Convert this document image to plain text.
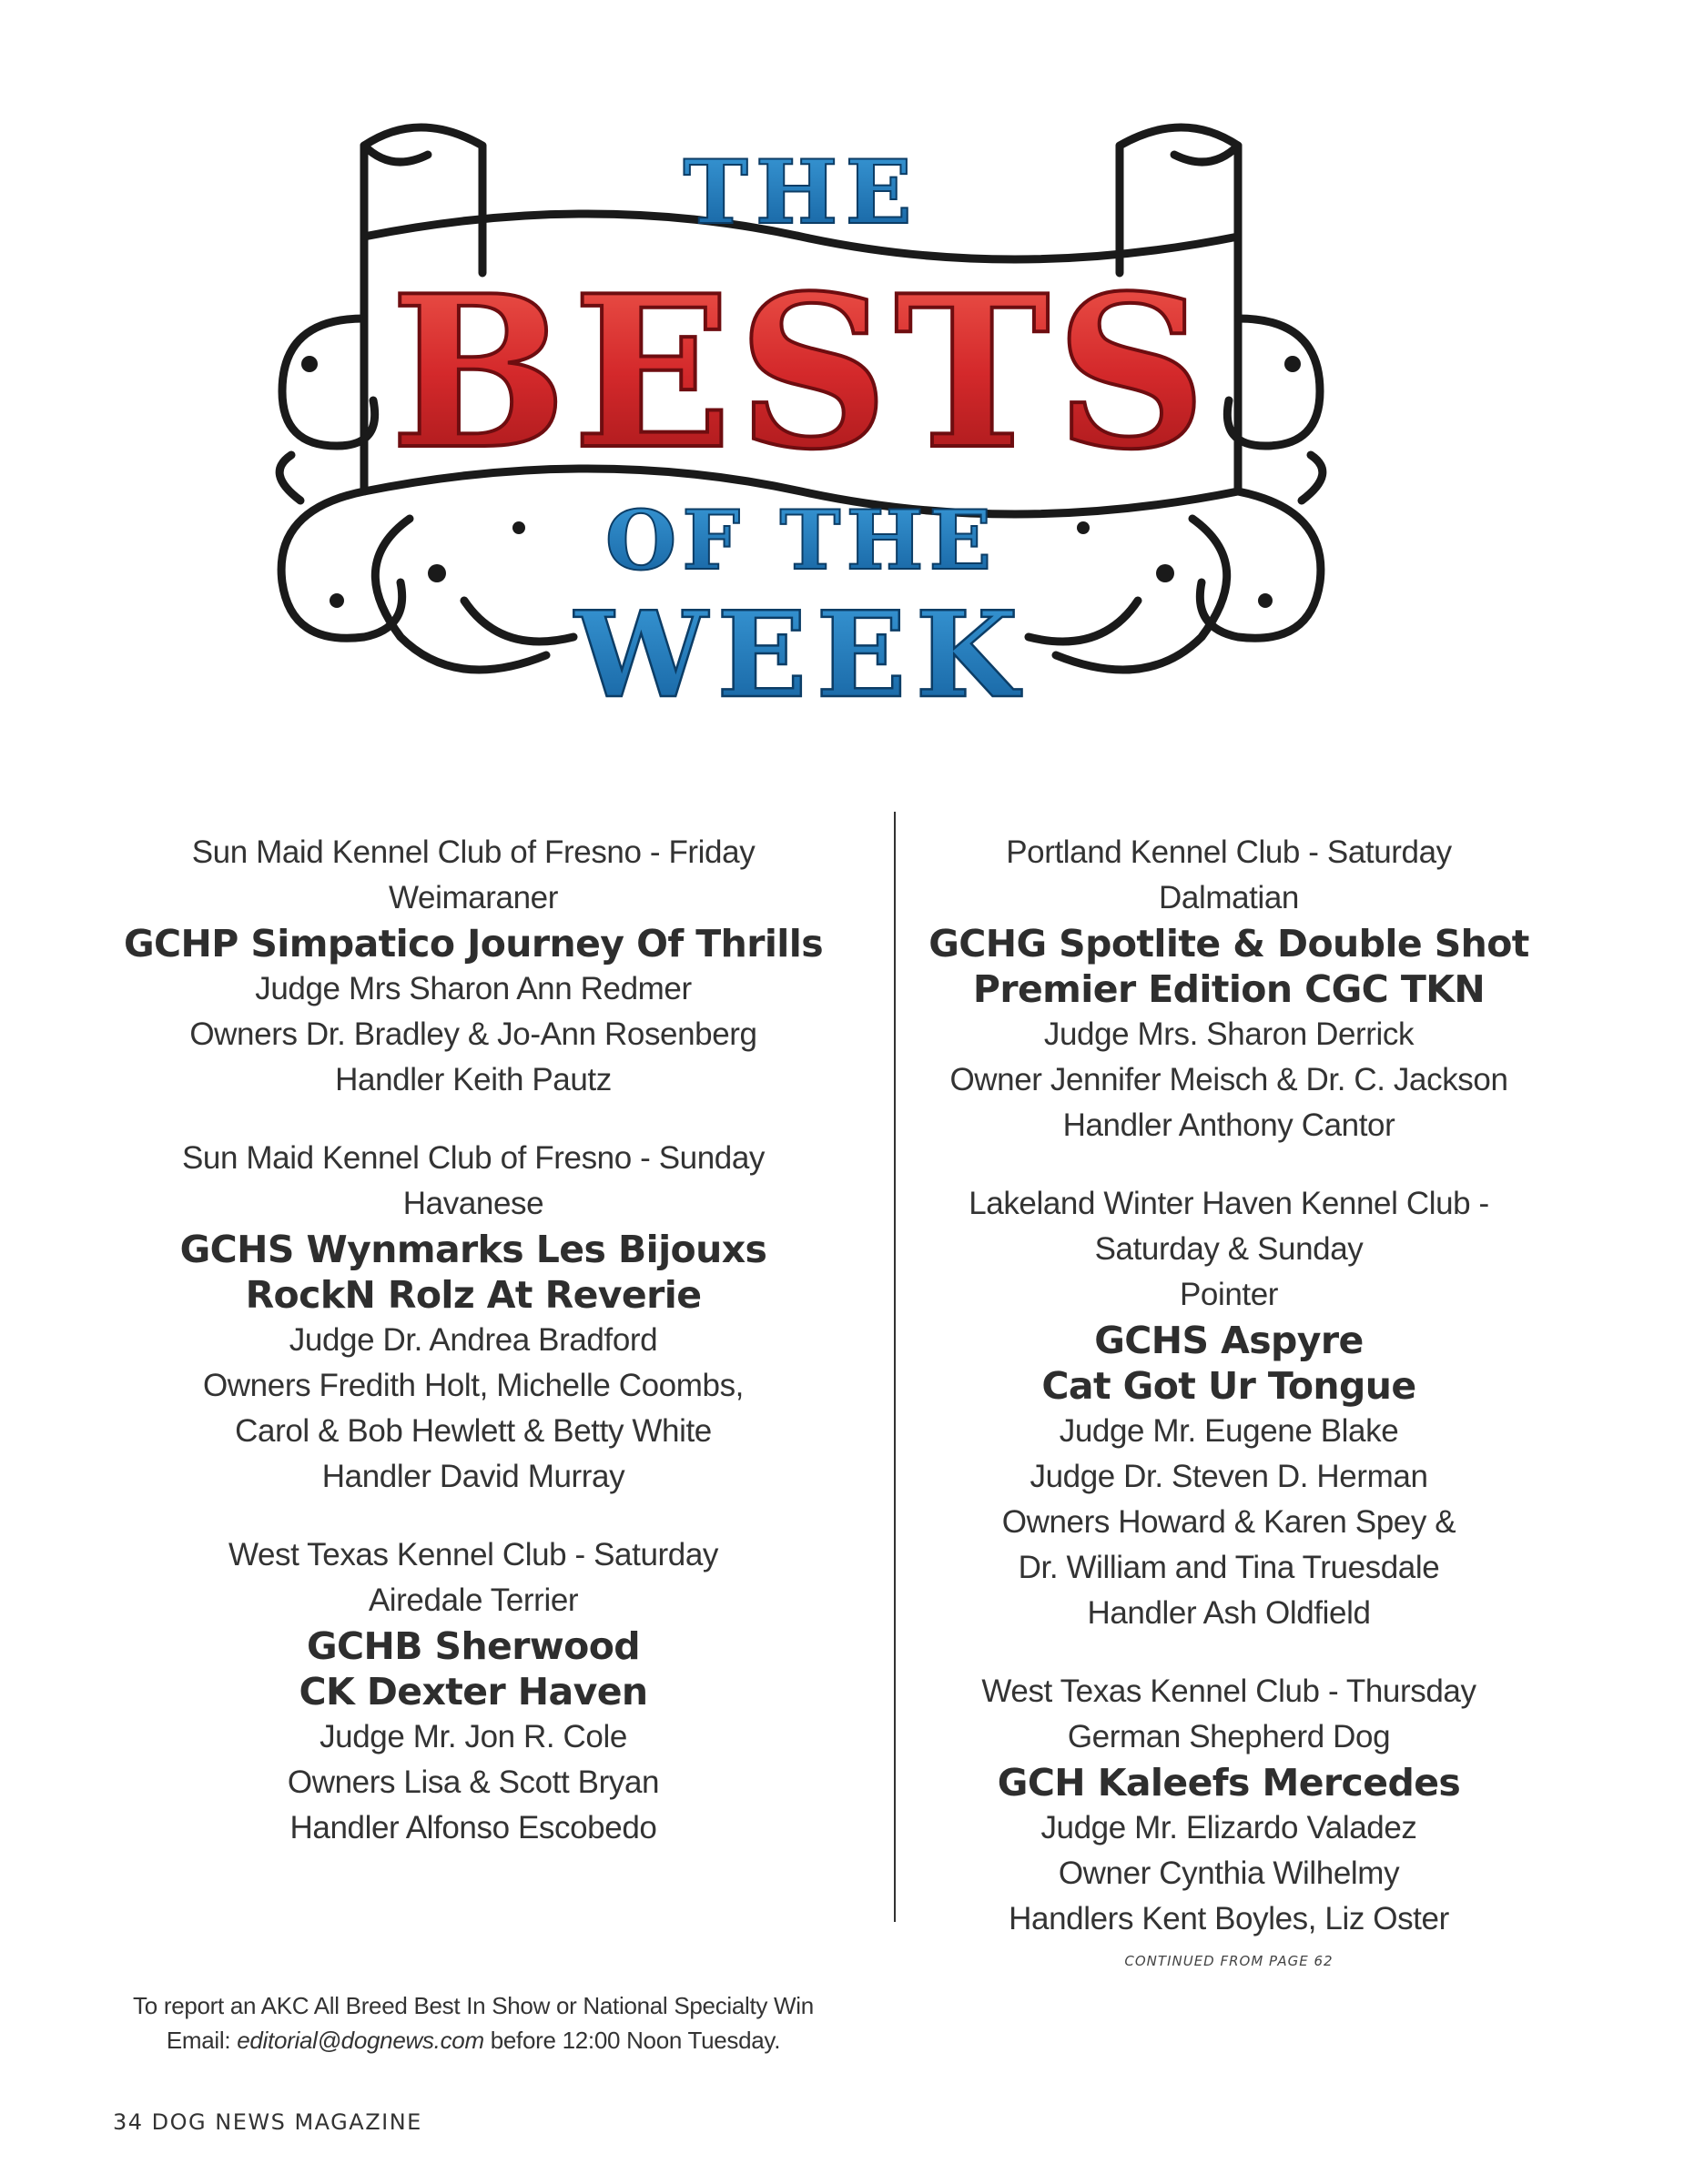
THE
BESTS
OF THE
WEEK
Sun Maid Kennel Club of Fresno - Friday
Weimaraner
GCHP Simpatico Journey Of Thrills
Judge Mrs Sharon Ann Redmer
Owners Dr. Bradley & Jo-Ann Rosenberg
Handler Keith Pautz
Sun Maid Kennel Club of Fresno - Sunday
Havanese
GCHS Wynmarks Les Bijouxs
RockN Rolz At Reverie
Judge Dr. Andrea Bradford
Owners Fredith Holt, Michelle Coombs,
Carol & Bob Hewlett & Betty White
Handler David Murray
West Texas Kennel Club - Saturday
Airedale Terrier
GCHB Sherwood
CK Dexter Haven
Judge Mr. Jon R. Cole
Owners Lisa & Scott Bryan
Handler Alfonso Escobedo
Portland Kennel Club - Saturday
Dalmatian
GCHG Spotlite & Double Shot
Premier Edition CGC TKN
Judge Mrs. Sharon Derrick
Owner Jennifer Meisch & Dr. C. Jackson
Handler Anthony Cantor
Lakeland Winter Haven Kennel Club -
Saturday & Sunday
Pointer
GCHS Aspyre
Cat Got Ur Tongue
Judge Mr. Eugene Blake
Judge Dr. Steven D. Herman
Owners Howard & Karen Spey &
Dr. William and Tina Truesdale
Handler Ash Oldfield
West Texas Kennel Club - Thursday
German Shepherd Dog
GCH Kaleefs Mercedes
Judge Mr. Elizardo Valadez
Owner Cynthia Wilhelmy
Handlers Kent Boyles, Liz Oster
CONTINUED FROM PAGE 62
To report an AKC All Breed Best In Show or National Specialty Win
Email: editorial@dognews.com before 12:00 Noon Tuesday.
34 DOG NEWS MAGAZINE
